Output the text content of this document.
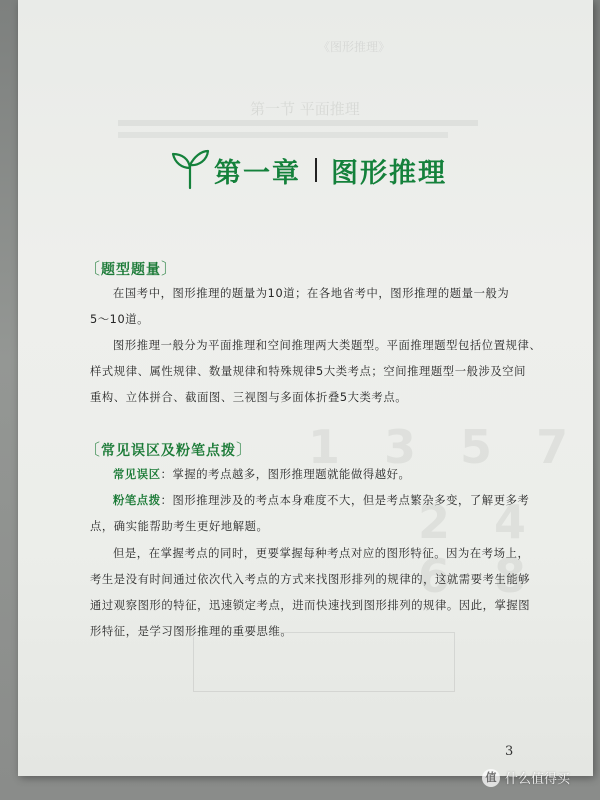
《图形推理》
第一节 平面推理
1 3 5 7
2 4 6 8
第一章 图形推理
〔题型题量〕
在国考中，图形推理的题量为10道；在各地省考中，图形推理的题量一般为
5～10道。
图形推理一般分为平面推理和空间推理两大类题型。平面推理题型包括位置规律、
样式规律、属性规律、数量规律和特殊规律5大类考点；空间推理题型一般涉及空间
重构、立体拼合、截面图、三视图与多面体折叠5大类考点。
〔常见误区及粉笔点拨〕
常见误区：掌握的考点越多，图形推理题就能做得越好。
粉笔点拨：图形推理涉及的考点本身难度不大，但是考点繁杂多变，了解更多考
点，确实能帮助考生更好地解题。
但是，在掌握考点的同时，更要掌握每种考点对应的图形特征。因为在考场上，
考生是没有时间通过依次代入考点的方式来找图形排列的规律的，这就需要考生能够
通过观察图形的特征，迅速锁定考点，进而快速找到图形排列的规律。因此，掌握图
形特征，是学习图形推理的重要思维。
3
值 什么值得买
